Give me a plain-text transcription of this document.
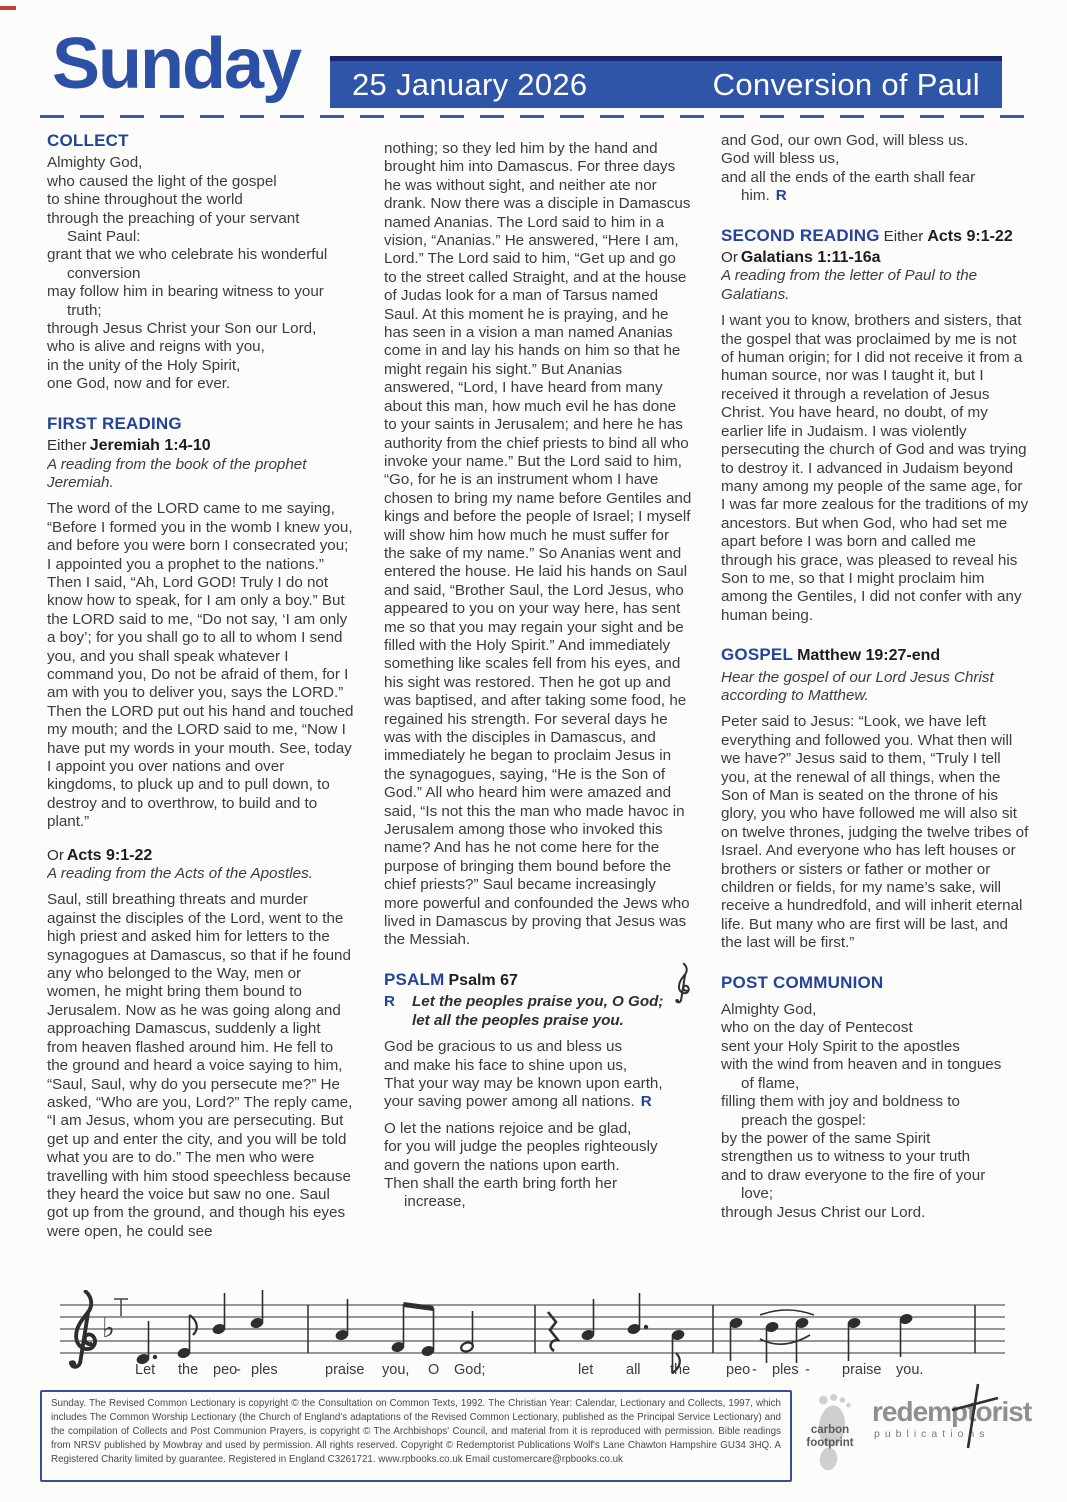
Sunday 25 January 2026	Conversion of Paul
COLLECT
Almighty God,
who caused the light of the gospel
to shine throughout the world
through the preaching of your servant
Saint Paul:
grant that we who celebrate his wonderful
conversion
may follow him in bearing witness to your
truth;
through Jesus Christ your Son our Lord,
who is alive and reigns with you,
in the unity of the Holy Spirit,
one God, now and for ever.
FIRST READING
Either Jeremiah 1:4-10
A reading from the book of the prophet Jeremiah.

The word of the LORD came to me saying, “Before I formed you in the womb I knew you, and before you were born I consecrated you; I appointed you a prophet to the nations.” Then I said, “Ah, Lord GOD! Truly I do not know how to speak, for I am only a boy.” But the LORD said to me, “Do not say, ‘I am only a boy’; for you shall go to all to whom I send you, and you shall speak whatever I command you, Do not be afraid of them, for I am with you to deliver you, says the LORD.” Then the LORD put out his hand and touched my mouth; and the LORD said to me, “Now I have put my words in your mouth. See, today I appoint you over nations and over kingdoms, to pluck up and to pull down, to destroy and to overthrow, to build and to plant.”

Or Acts 9:1-22
A reading from the Acts of the Apostles.

Saul, still breathing threats and murder against the disciples of the Lord, went to the high priest and asked him for letters to the synagogues at Damascus, so that if he found any who belonged to the Way, men or women, he might bring them bound to Jerusalem. Now as he was going along and approaching Damascus, suddenly a light from heaven flashed around him. He fell to the ground and heard a voice saying to him, “Saul, Saul, why do you persecute me?” He asked, “Who are you, Lord?” The reply came, “I am Jesus, whom you are persecuting. But get up and enter the city, and you will be told what you are to do.” The men who were travelling with him stood speechless because they heard the voice but saw no one. Saul got up from the ground, and though his eyes were open, he could see

nothing; so they led him by the hand and brought him into Damascus. For three days he was without sight, and neither ate nor drank. Now there was a disciple in Damascus named Ananias. The Lord said to him in a vision, “Ananias.” He answered, “Here I am, Lord.” The Lord said to him, “Get up and go to the street called Straight, and at the house of Judas look for a man of Tarsus named Saul. At this moment he is praying, and he has seen in a vision a man named Ananias come in and lay his hands on him so that he might regain his sight.” But Ananias answered, “Lord, I have heard from many about this man, how much evil he has done to your saints in Jerusalem; and here he has authority from the chief priests to bind all who invoke your name.” But the Lord said to him, “Go, for he is an instrument whom I have chosen to bring my name before Gentiles and kings and before the people of Israel; I myself will show him how much he must suffer for the sake of my name.” So Ananias went and entered the house. He laid his hands on Saul and said, “Brother Saul, the Lord Jesus, who appeared to you on your way here, has sent me so that you may regain your sight and be filled with the Holy Spirit.” And immediately something like scales fell from his eyes, and his sight was restored. Then he got up and was baptised, and after taking some food, he regained his strength. For several days he was with the disciples in Damascus, and immediately he began to proclaim Jesus in the synagogues, saying, “He is the Son of God.” All who heard him were amazed and said, “Is not this the man who made havoc in Jerusalem among those who invoked this name? And has he not come here for the purpose of bringing them bound before the chief priests?” Saul became increasingly more powerful and confounded the Jews who lived in Damascus by proving that Jesus was the Messiah.

PSALM Psalm 67
R Let the peoples praise you, O God;
let all the peoples praise you.
God be gracious to us and bless us
and make his face to shine upon us,
That your way may be known upon earth,
your saving power among all nations. R
O let the nations rejoice and be glad,
for you will judge the peoples righteously
and govern the nations upon earth.
Then shall the earth bring forth her
increase,
and God, our own God, will bless us.
God will bless us,
and all the ends of the earth shall fear
him. R
SECOND READING Either Acts 9:1-22
Or Galatians 1:11-16a
A reading from the letter of Paul to the Galatians.

I want you to know, brothers and sisters, that the gospel that was proclaimed by me is not of human origin; for I did not receive it from a human source, nor was I taught it, but I received it through a revelation of Jesus Christ. You have heard, no doubt, of my earlier life in Judaism. I was violently persecuting the church of God and was trying to destroy it. I advanced in Judaism beyond many among my people of the same age, for I was far more zealous for the traditions of my ancestors. But when God, who had set me apart before I was born and called me through his grace, was pleased to reveal his Son to me, so that I might proclaim him among the Gentiles, I did not confer with any human being.

GOSPEL Matthew 19:27-end
Hear the gospel of our Lord Jesus Christ according to Matthew.

Peter said to Jesus: “Look, we have left everything and followed you. What then will we have?” Jesus said to them, “Truly I tell you, at the renewal of all things, when the Son of Man is seated on the throne of his glory, you who have followed me will also sit on twelve thrones, judging the twelve tribes of Israel. And everyone who has left houses or brothers or sisters or father or mother or children or fields, for my name’s sake, will receive a hundredfold, and will inherit eternal life. But many who are first will be last, and the last will be first.”

POST COMMUNION
Almighty God,
who on the day of Pentecost
sent your Holy Spirit to the apostles
with the wind from heaven and in tongues
of flame,
filling them with joy and boldness to
preach the gospel:
by the power of the same Spirit
strengthen us to witness to your truth
and to draw everyone to the fire of your
love;
through Jesus Christ our Lord.
♭
Let the peo
- ples	praise you, O God;	let all the peo - ples - praise you.
Sunday. The Revised Common Lectionary is copyright © the Consultation on Common Texts, 1992. The Christian Year: Calendar, Lectionary and Collects, 1997, which includes The Common Worship Lectionary (the Church of England's adaptations of the Revised Common Lectionary, published as the Principal Service Lectionary) and the compilation of Collects and Post Communion Prayers, is copyright © The Archbishops' Council, and material from it is reproduced with permission. Bible readings from NRSV published by Mowbray and used by permission. All rights reserved. Copyright © Redemptorist Publications Wolf's Lane Chawton Hampshire GU34 3HQ. A Registered Charity limited by guarantee. Registered in England C3261721. www.rpbooks.co.uk Email customercare@rpbooks.co.uk
carbon
footprint
redemptorist
publications
